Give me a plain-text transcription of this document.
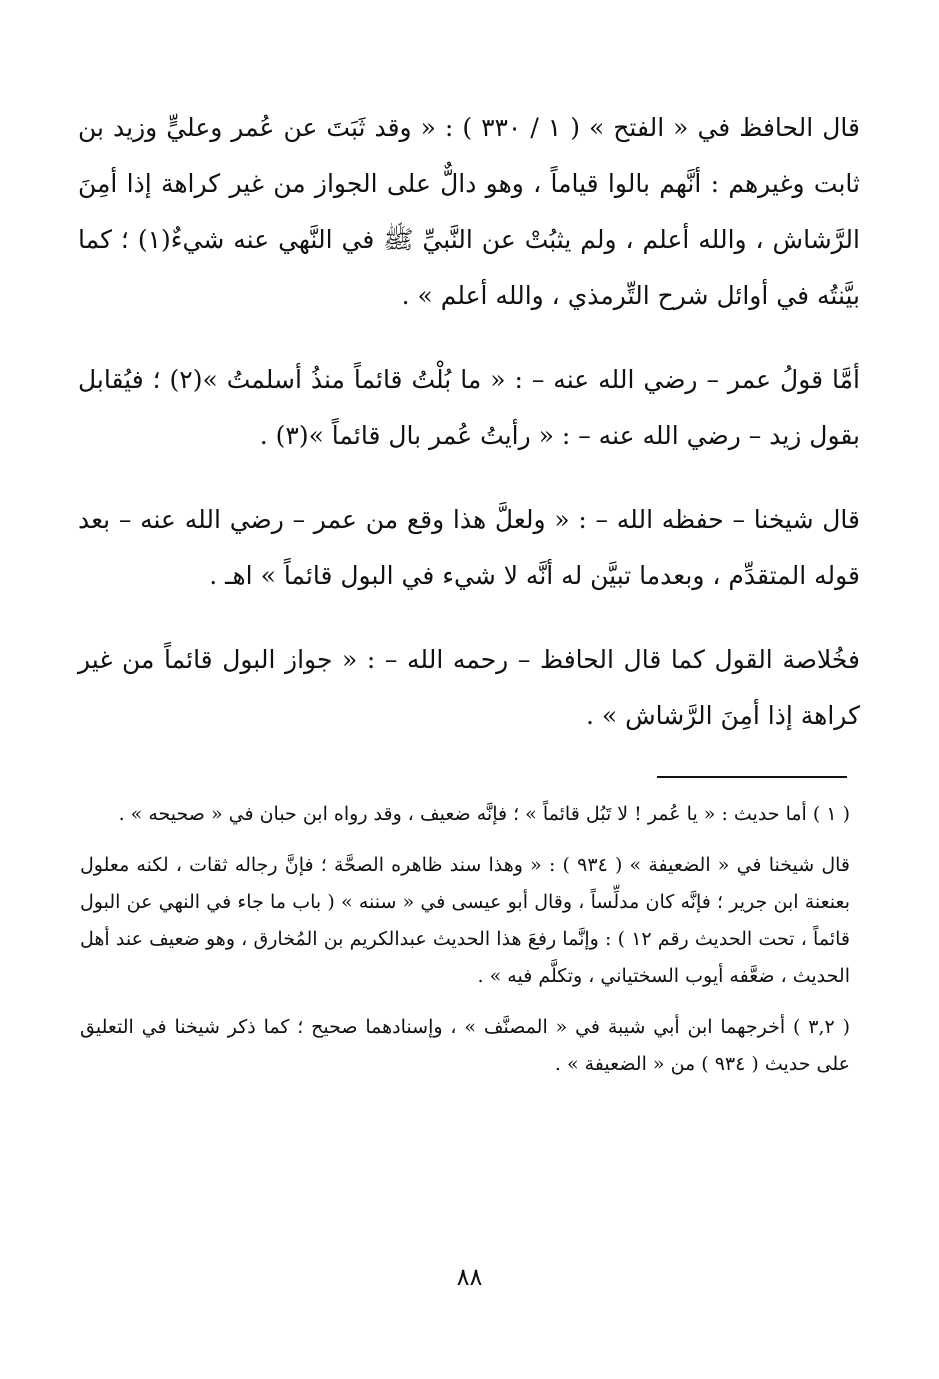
قال الحافظ في « الفتح » ( ١ / ٣٣٠ ) : « وقد ثَبَتَ عن عُمر وعليٍّ وزيد بن ثابت وغيرهم : أنَّهم بالوا قياماً ، وهو دالٌّ على الجواز من غير كراهة إذا أمِنَ الرَّشاش ، والله أعلم ، ولم يثبُتْ عن النَّبيِّ ﷺ في النَّهي عنه شيءٌ(١) ؛ كما بيَّنتُه في أوائل شرح التِّرمذي ، والله أعلم » .

أمَّا قولُ عمر – رضي الله عنه – : « ما بُلْتُ قائماً منذُ أسلمتُ »(٢) ؛ فيُقابل بقول زيد – رضي الله عنه – : « رأيتُ عُمر بال قائماً »(٣) .

قال شيخنا – حفظه الله – : « ولعلَّ هذا وقع من عمر – رضي الله عنه – بعد قوله المتقدِّم ، وبعدما تبيَّن له أنَّه لا شيء في البول قائماً » اهـ .

فخُلاصة القول كما قال الحافظ – رحمه الله – : « جواز البول قائماً من غير كراهة إذا أمِنَ الرَّشاش » .

( ١ ) أما حديث : « يا عُمر ! لا تَبُل قائماً » ؛ فإنَّه ضعيف ، وقد رواه ابن حبان في « صحيحه » .

قال شيخنا في « الضعيفة » ( ٩٣٤ ) : « وهذا سند ظاهره الصحَّة ؛ فإنَّ رجاله ثقات ، لكنه معلول بعنعنة ابن جرير ؛ فإنَّه كان مدلِّساً ، وقال أبو عيسى في « سننه » ( باب ما جاء في النهي عن البول قائماً ، تحت الحديث رقم ١٢ ) : وإنَّما رفعَ هذا الحديث عبدالكريم بن المُخارق ، وهو ضعيف عند أهل الحديث ، ضعَّفه أيوب السختياني ، وتكلَّم فيه » .

( ٣,٢ ) أخرجهما ابن أبي شيبة في « المصنَّف » ، وإسنادهما صحيح ؛ كما ذكر شيخنا في التعليق على حديث ( ٩٣٤ ) من « الضعيفة » .

٨٨
